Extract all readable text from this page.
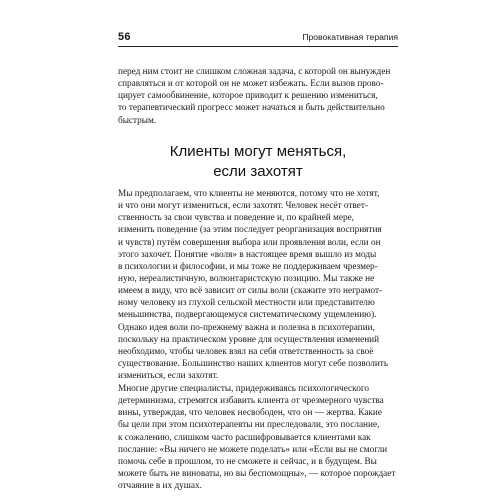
56	Провокативная терапия
перед ним стоит не слишком сложная задача, с которой он вынужден
справляться и от которой он не может избежать. Если вызов прово-
цирует самообвинение, которое приводит к решению измениться,
то терапевтический прогресс может начаться и быть действительно
быстрым.
Клиенты могут меняться,
если захотят
Мы предполагаем, что клиенты не меняются, потому что не хотят,
и что они могут измениться, если захотят. Человек несёт ответ-
ственность за свои чувства и поведение и, по крайней мере,
изменить поведение (за этим последует реорганизация восприятия
и чувств) путём совершения выбора или проявления воли, если он
этого захочет. Понятие «воля» в настоящее время вышло из моды
в психологии и философии, и мы тоже не поддерживаем чрезмер-
ную, нереалистичную, волюнтаристскую позицию. Мы также не
имеем в виду, что всё зависит от силы воли (скажите это неграмот-
ному человеку из глухой сельской местности или представителю
меньшинства, подвергающемуся систематическому ущемлению).
Однако идея воли по-прежнему важна и полезна в психотерапии,
поскольку на практическом уровне для осуществления изменений
необходимо, чтобы человек взял на себя ответственность за своё
существование. Большинство наших клиентов могут себе позволить
измениться, если захотят.
Многие другие специалисты, придерживаясь психологического
детерминизма, стремятся избавить клиента от чрезмерного чувства
вины, утверждая, что человек несвободен, что он — жертва. Какие
бы цели при этом психотерапевты ни преследовали, это послание,
к сожалению, слишком часто расшифровывается клиентами как
послание: «Вы ничего не можете поделать» или «Если вы не смогли
помочь себе в прошлом, то не сможете и сейчас, и в будущем. Вы
можете быть не виноваты, но вы беспомощны», — которое порождает
отчаяние в их душах.
